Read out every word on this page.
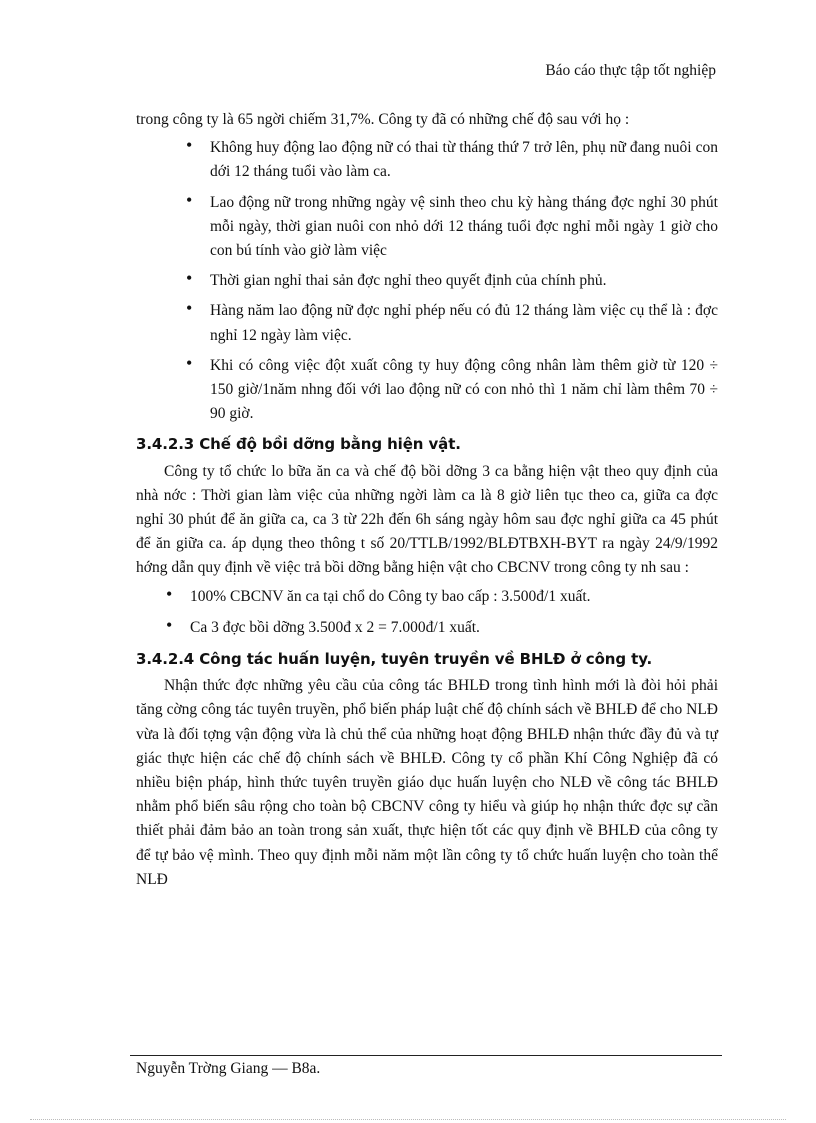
Báo cáo thực tập tốt nghiệp

trong công ty là 65 ngời chiếm 31,7%. Công ty đã có những chế độ sau với họ :

• Không huy động lao động nữ có thai từ tháng thứ 7 trở lên, phụ nữ đang nuôi con dới 12 tháng tuổi vào làm ca.
• Lao động nữ trong những ngày vệ sinh theo chu kỳ hàng tháng đợc nghỉ 30 phút mỗi ngày, thời gian nuôi con nhỏ dới 12 tháng tuổi đợc nghỉ mỗi ngày 1 giờ cho con bú tính vào giờ làm việc
• Thời gian nghỉ thai sản đợc nghỉ theo quyết định của chính phủ.
• Hàng năm lao động nữ đợc nghỉ phép nếu có đủ 12 tháng làm việc cụ thể là : đợc nghỉ 12 ngày làm việc.
• Khi có công việc đột xuất công ty huy động công nhân làm thêm giờ từ 120 ÷ 150 giờ/1năm nhng đối với lao động nữ có con nhỏ thì 1 năm chỉ làm thêm 70 ÷ 90 giờ.
3.4.2.3 Chế độ bồi dỡng bằng hiện vật.

Công ty tổ chức lo bữa ăn ca và chế độ bồi dỡng 3 ca bằng hiện vật theo quy định của nhà nớc : Thời gian làm việc của những ngời làm ca là 8 giờ liên tục theo ca, giữa ca đợc nghỉ 30 phút để ăn giữa ca, ca 3 từ 22h đến 6h sáng ngày hôm sau đợc nghỉ giữa ca 45 phút để ăn giữa ca. áp dụng theo thông t số 20/TTLB/1992/BLĐTBXH-BYT ra ngày 24/9/1992 hớng dẫn quy định về việc trả bồi dỡng bằng hiện vật cho CBCNV trong công ty nh sau :

• 100% CBCNV ăn ca tại chổ do Công ty bao cấp : 3.500đ/1 xuất.
• Ca 3 đợc bồi dỡng 3.500đ x 2 = 7.000đ/1 xuất.
3.4.2.4 Công tác huấn luyện, tuyên truyền về BHLĐ ở công ty.

Nhận thức đợc những yêu cầu của công tác BHLĐ trong tình hình mới là đòi hỏi phải tăng cờng công tác tuyên truyền, phổ biến pháp luật chế độ chính sách về BHLĐ để cho NLĐ vừa là đối tợng vận động vừa là chủ thể của những hoạt động BHLĐ nhận thức đầy đủ và tự giác thực hiện các chế độ chính sách về BHLĐ. Công ty cổ phần Khí Công Nghiệp đã có nhiều biện pháp, hình thức tuyên truyền giáo dục huấn luyện cho NLĐ về công tác BHLĐ nhằm phổ biến sâu rộng cho toàn bộ CBCNV công ty hiểu và giúp họ nhận thức đợc sự cần thiết phải đảm bảo an toàn trong sản xuất, thực hiện tốt các quy định về BHLĐ của công ty để tự bảo vệ mình. Theo quy định mỗi năm một lần công ty tổ chức huấn luyện cho toàn thể NLĐ

Nguyễn Trờng Giang — B8a.
